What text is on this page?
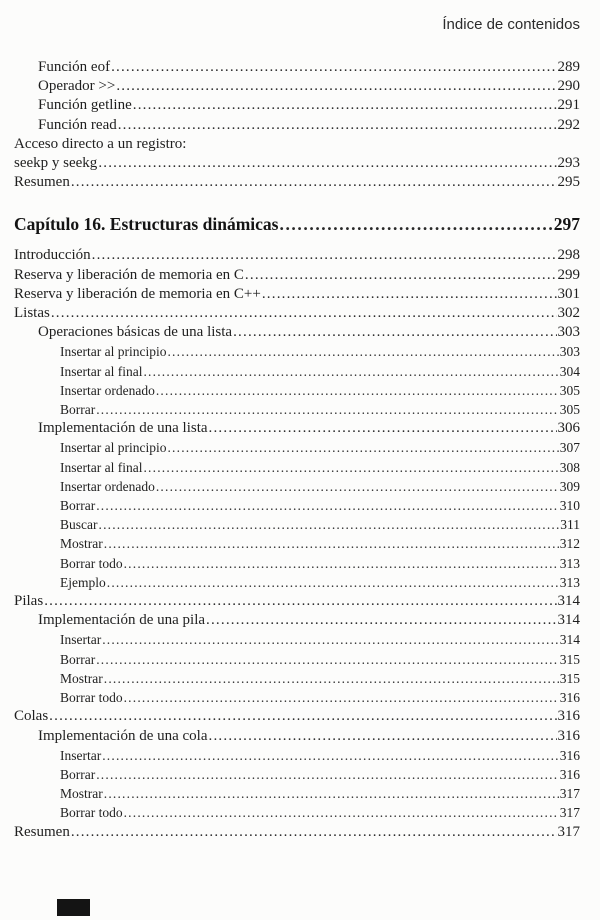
Índice de contenidos
Función eof .....	289
Operador >> .....	290
Función getline .....	291
Función read .....	292
Acceso directo a un registro:
seekp y seekg .....	293
Resumen .....	295
Capítulo 16. Estructuras dinámicas .....	297
Introducción .....	298
Reserva y liberación de memoria en C .....	299
Reserva y liberación de memoria en C++ .....	301
Listas .....	302
Operaciones básicas de una lista .....	303
Insertar al principio .....	303
Insertar al final .....	304
Insertar ordenado .....	305
Borrar .....	305
Implementación de una lista .....	306
Insertar al principio .....	307
Insertar al final .....	308
Insertar ordenado .....	309
Borrar .....	310
Buscar .....	311
Mostrar .....	312
Borrar todo .....	313
Ejemplo .....	313
Pilas .....	314
Implementación de una pila .....	314
Insertar .....	314
Borrar .....	315
Mostrar .....	315
Borrar todo .....	316
Colas .....	316
Implementación de una cola .....	316
Insertar .....	316
Borrar .....	316
Mostrar .....	317
Borrar todo .....	317
Resumen .....	317
